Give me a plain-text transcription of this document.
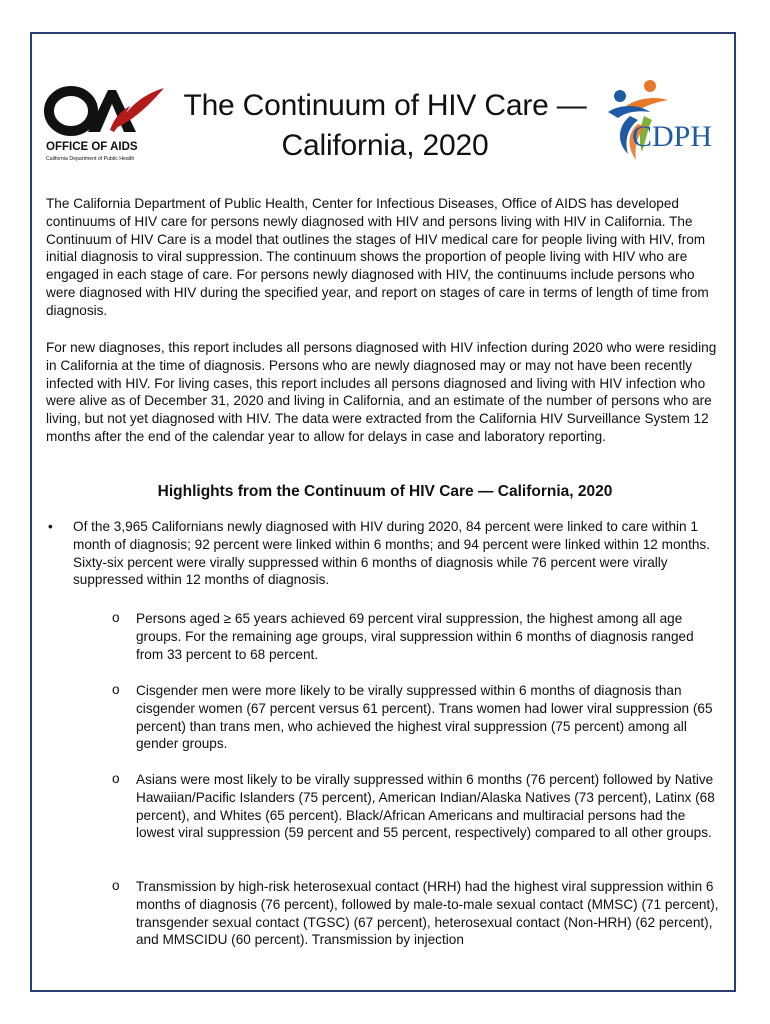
OFFICE OF AIDS
California Department of Public Health
The Continuum of HIV Care — California, 2020	CDPH

The California Department of Public Health, Center for Infectious Diseases, Office of AIDS has developed continuums of HIV care for persons newly diagnosed with HIV and persons living with HIV in California. The Continuum of HIV Care is a model that outlines the stages of HIV medical care for people living with HIV, from initial diagnosis to viral suppression. The continuum shows the proportion of people living with HIV who are engaged in each stage of care. For persons newly diagnosed with HIV, the continuums include persons who were diagnosed with HIV during the specified year, and report on stages of care in terms of length of time from diagnosis.

For new diagnoses, this report includes all persons diagnosed with HIV infection during 2020 who were residing in California at the time of diagnosis. Persons who are newly diagnosed may or may not have been recently infected with HIV. For living cases, this report includes all persons diagnosed and living with HIV infection who were alive as of December 31, 2020 and living in California, and an estimate of the number of persons who are living, but not yet diagnosed with HIV. The data were extracted from the California HIV Surveillance System 12 months after the end of the calendar year to allow for delays in case and laboratory reporting.

Highlights from the Continuum of HIV Care — California, 2020
• Of the 3,965 Californians newly diagnosed with HIV during 2020, 84 percent were linked to care within 1 month of diagnosis; 92 percent were linked within 6 months; and 94 percent were linked within 12 months. Sixty-six percent were virally suppressed within 6 months of diagnosis while 76 percent were virally suppressed within 12 months of diagnosis.
o Persons aged ≥ 65 years achieved 69 percent viral suppression, the highest among all age groups. For the remaining age groups, viral suppression within 6 months of diagnosis ranged from 33 percent to 68 percent.
o Cisgender men were more likely to be virally suppressed within 6 months of diagnosis than cisgender women (67 percent versus 61 percent). Trans women had lower viral suppression (65 percent) than trans men, who achieved the highest viral suppression (75 percent) among all gender groups.
o Asians were most likely to be virally suppressed within 6 months (76 percent) followed by Native Hawaiian/Pacific Islanders (75 percent), American Indian/Alaska Natives (73 percent), Latinx (68 percent), and Whites (65 percent). Black/African Americans and multiracial persons had the lowest viral suppression (59 percent and 55 percent, respectively) compared to all other groups.
o Transmission by high-risk heterosexual contact (HRH) had the highest viral suppression within 6 months of diagnosis (76 percent), followed by male-to-male sexual contact (MMSC) (71 percent), transgender sexual contact (TGSC) (67 percent), heterosexual contact (Non-HRH) (62 percent), and MMSCIDU (60 percent). Transmission by injection
